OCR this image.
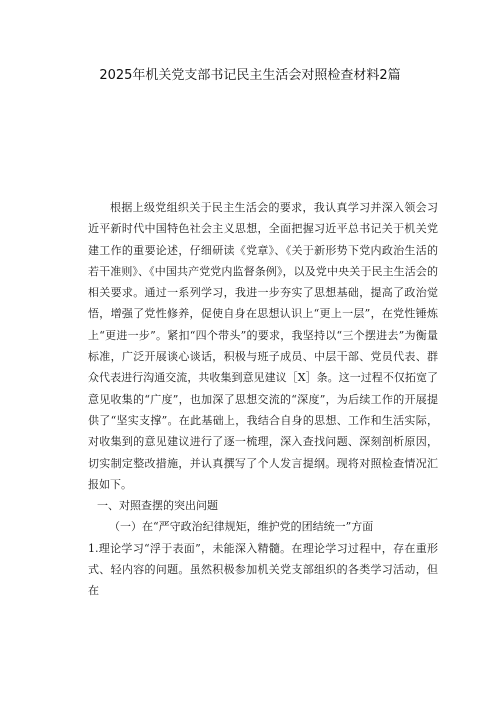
2025年机关党支部书记民主生活会对照检查材料2篇

根据上级党组织关于民主生活会的要求，我认真学习并深入领会习近平新时代中国特色社会主义思想，全面把握习近平总书记关于机关党建工作的重要论述，仔细研读《党章》、《关于新形势下党内政治生活的若干准则》、《中国共产党党内监督条例》，以及党中央关于民主生活会的相关要求。通过一系列学习，我进一步夯实了思想基础，提高了政治觉悟，增强了党性修养，促使自身在思想认识上“更上一层”，在党性锤炼上“更进一步”。紧扣“四个带头”的要求，我坚持以“三个摆进去”为衡量标准，广泛开展谈心谈话，积极与班子成员、中层干部、党员代表、群众代表进行沟通交流，共收集到意见建议［X］条。这一过程不仅拓宽了意见收集的“广度”，也加深了思想交流的“深度”，为后续工作的开展提供了“坚实支撑”。在此基础上，我结合自身的思想、工作和生活实际，对收集到的意见建议进行了逐一梳理，深入查找问题、深刻剖析原因，切实制定整改措施，并认真撰写了个人发言提纲。现将对照检查情况汇报如下。

一、对照查摆的突出问题

（一）在“严守政治纪律规矩，维护党的团结统一”方面

1.理论学习“浮于表面”，未能深入精髓。在理论学习过程中，存在重形式、轻内容的问题。虽然积极参加机关党支部组织的各类学习活动，但在
